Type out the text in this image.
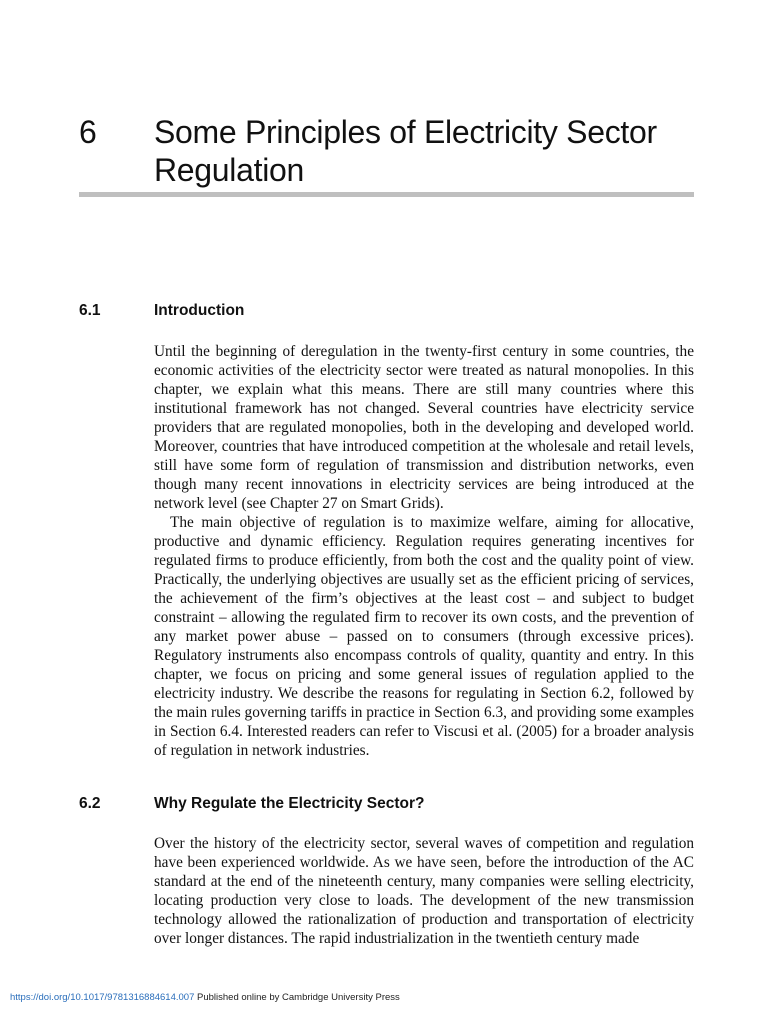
6 Some Principles of Electricity Sector Regulation
6.1	Introduction

Until the beginning of deregulation in the twenty-first century in some countries, the economic activities of the electricity sector were treated as natural monopolies. In this chapter, we explain what this means. There are still many countries where this institutional framework has not changed. Several countries have electricity service providers that are regulated monopolies, both in the developing and developed world. Moreover, countries that have introduced competition at the wholesale and retail levels, still have some form of regulation of transmission and distribution networks, even though many recent innovations in electricity services are being introduced at the network level (see Chapter 27 on Smart Grids).

The main objective of regulation is to maximize welfare, aiming for allocative, productive and dynamic efficiency. Regulation requires generating incentives for regulated firms to produce efficiently, from both the cost and the quality point of view. Practically, the underlying objectives are usually set as the efficient pricing of services, the achievement of the firm’s objectives at the least cost – and subject to budget constraint – allowing the regulated firm to recover its own costs, and the prevention of any market power abuse – passed on to consumers (through excessive prices). Regulatory instruments also encompass controls of quality, quantity and entry. In this chapter, we focus on pricing and some general issues of regulation applied to the electricity industry. We describe the reasons for regulating in Section 6.2, followed by the main rules governing tariffs in practice in Section 6.3, and providing some examples in Section 6.4. Interested readers can refer to Viscusi et al. (2005) for a broader analysis of regulation in network industries.

6.2	Why Regulate the Electricity Sector?

Over the history of the electricity sector, several waves of competition and regulation have been experienced worldwide. As we have seen, before the introduction of the AC standard at the end of the nineteenth century, many companies were selling electricity, locating production very close to loads. The development of the new transmission technology allowed the rationalization of production and transportation of electricity over longer distances. The rapid industrialization in the twentieth century made

https://doi.org/10.1017/9781316884614.007 Published online by Cambridge University Press
